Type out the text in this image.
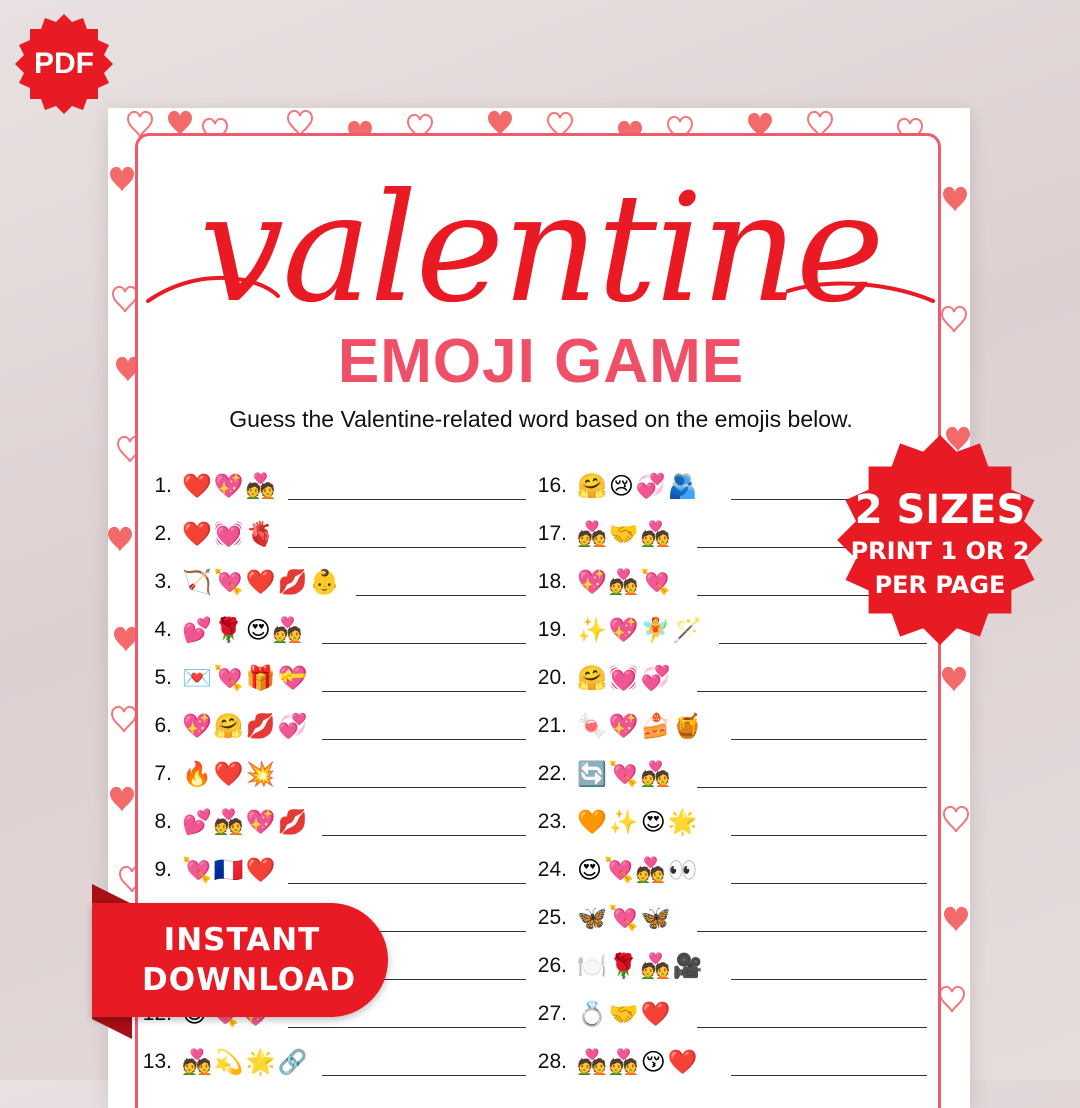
valentine
EMOJI GAME
Guess the Valentine-related word based on the emojis below.
1. ❤️💖💑
2. ❤️💓🫀
3. 🏹💘❤️💋👶
4. 💕🌹😍💑
5. 💌💘🎁💝
6. 💖🤗💋💞
7. 🔥❤️💥
8. 💕💑💖💋
9. 💘🇫🇷❤️
13. 💑💫🌟🔗
16. 🤗😢💞🫂
17. 💑🤝💑
18. 💖💑💘
19. ✨💖🧚🪄
20. 🤗💓💞
21. 🍬💖🍰🍯
22. 🔄💘💑
23. 🧡✨😍🌟
24. 😍💘💑👀
25. 🦋💘🦋
26. 🍽️🌹💑🎥
27. 💍🤝❤️
28. 💑💑😚❤️
PDF
2 SIZES
PRINT 1 OR 2
PER PAGE
INSTANT
DOWNLOAD
